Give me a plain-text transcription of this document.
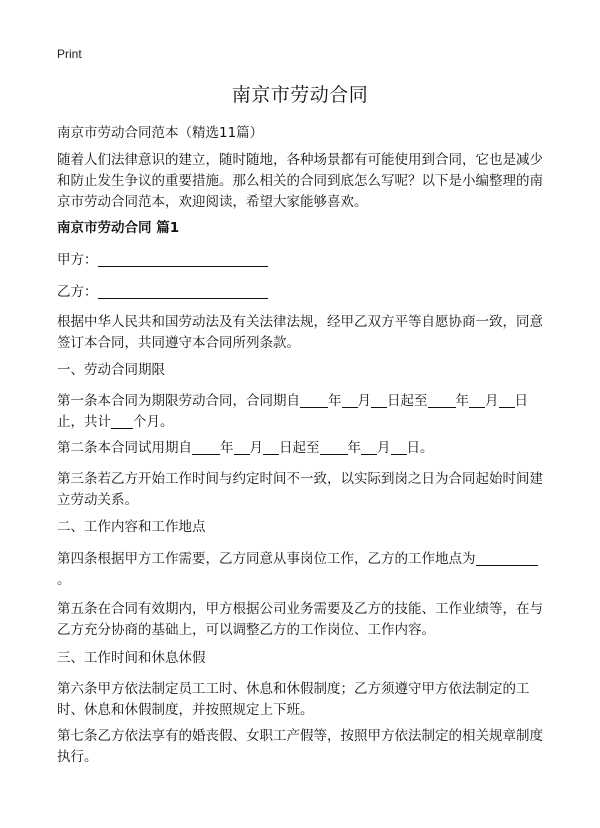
Print
南京市劳动合同
南京市劳动合同范本（精选11篇）

随着人们法律意识的建立，随时随地，各种场景都有可能使用到合同，它也是减少和防止发生争议的重要措施。那么相关的合同到底怎么写呢？以下是小编整理的南京市劳动合同范本，欢迎阅读，希望大家能够喜欢。

南京市劳动合同 篇1

甲方：

乙方：

根据中华人民共和国劳动法及有关法律法规，经甲乙双方平等自愿协商一致，同意签订本合同，共同遵守本合同所列条款。

一、劳动合同期限

第一条本合同为期限劳动合同，合同期自 年 月 日起至 年 月 日止，共计 个月。

第二条本合同试用期自 年 月 日起至 年 月 日。

第三条若乙方开始工作时间与约定时间不一致，以实际到岗之日为合同起始时间建立劳动关系。

二、工作内容和工作地点

第四条根据甲方工作需要，乙方同意从事岗位工作，乙方的工作地点为。

第五条在合同有效期内，甲方根据公司业务需要及乙方的技能、工作业绩等，在与乙方充分协商的基础上，可以调整乙方的工作岗位、工作内容。

三、工作时间和休息休假

第六条甲方依法制定员工工时、休息和休假制度；乙方须遵守甲方依法制定的工时、休息和休假制度，并按照规定上下班。

第七条乙方依法享有的婚丧假、女职工产假等，按照甲方依法制定的相关规章制度执行。
